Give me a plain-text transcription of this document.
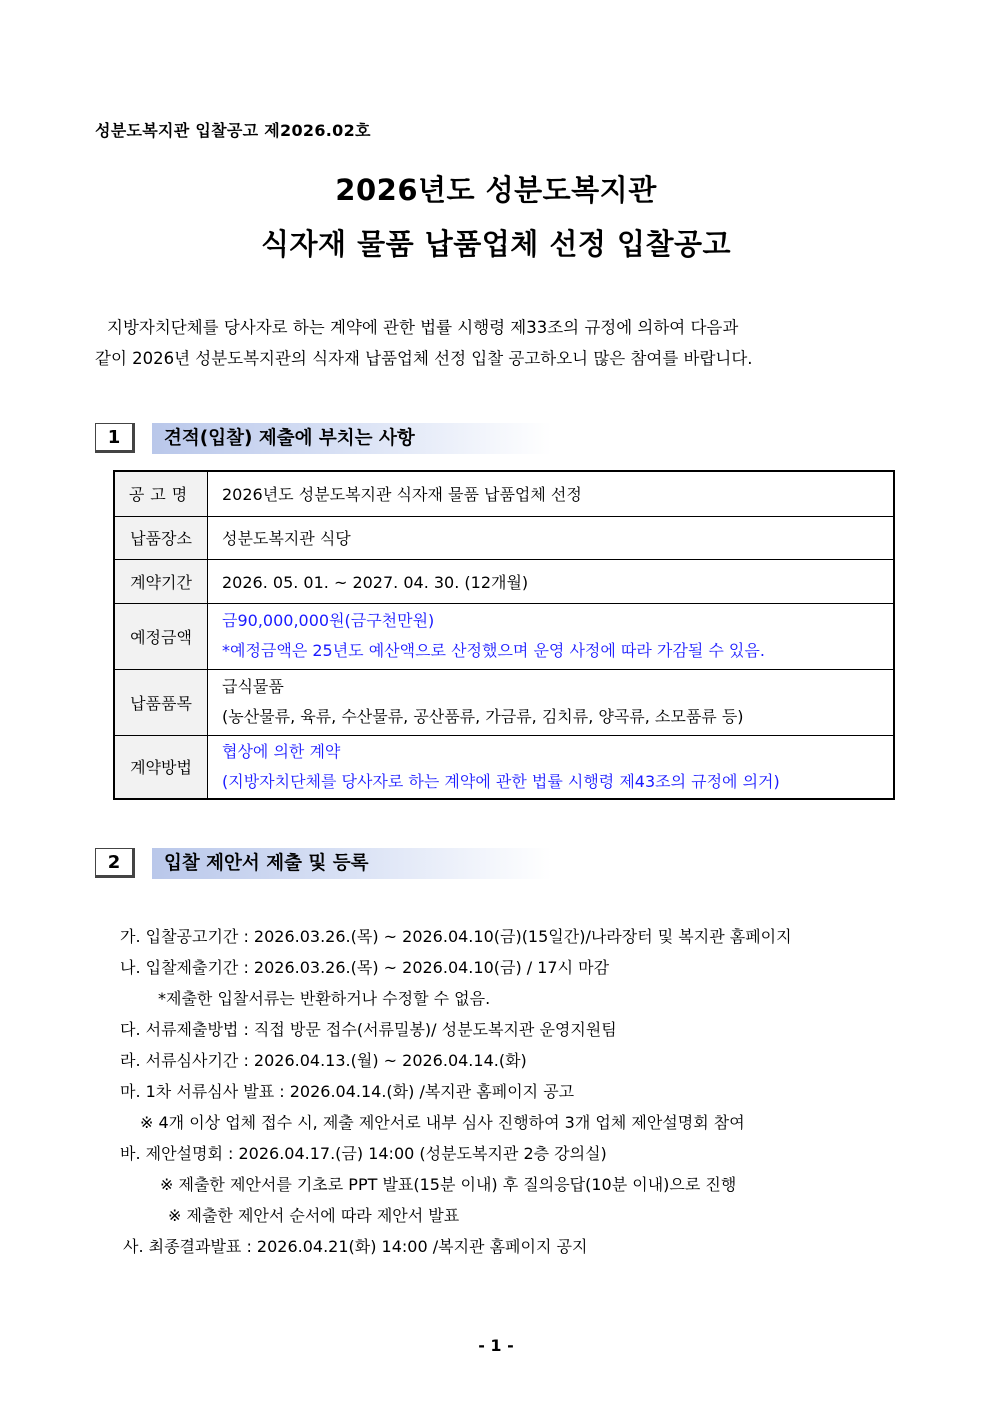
성분도복지관 입찰공고 제2026.02호
2026년도 성분도복지관
식자재 물품 납품업체 선정 입찰공고
지방자치단체를 당사자로 하는 계약에 관한 법률 시행령 제33조의 규정에 의하여 다음과
같이 2026년 성분도복지관의 식자재 납품업체 선정 입찰 공고하오니 많은 참여를 바랍니다.
1	견적(입찰) 제출에 부치는 사항
공고명	2026년도 성분도복지관 식자재 물품 납품업체 선정
납품장소	성분도복지관 식당
계약기간	2026. 05. 01. ~ 2027. 04. 30. (12개월)
예정금액	금90,000,000원(금구천만원)
*예정금액은 25년도 예산액으로 산정했으며 운영 사정에 따라 가감될 수 있음.

납품품목	급식물품
(농산물류, 육류, 수산물류, 공산품류, 가금류, 김치류, 양곡류, 소모품류 등)

계약방법	협상에 의한 계약
(지방자치단체를 당사자로 하는 계약에 관한 법률 시행령 제43조의 규정에 의거)
2	입찰 제안서 제출 및 등록
가. 입찰공고기간 : 2026.03.26.(목) ~ 2026.04.10(금)(15일간)/나라장터 및 복지관 홈페이지
나. 입찰제출기간 : 2026.03.26.(목) ~ 2026.04.10(금) / 17시 마감
*제출한 입찰서류는 반환하거나 수정할 수 없음.
다. 서류제출방법 : 직접 방문 접수(서류밀봉)/ 성분도복지관 운영지원팀
라. 서류심사기간 : 2026.04.13.(월) ~ 2026.04.14.(화)
마. 1차 서류심사 발표 : 2026.04.14.(화) /복지관 홈페이지 공고
※ 4개 이상 업체 접수 시, 제출 제안서로 내부 심사 진행하여 3개 업체 제안설명회 참여
바. 제안설명회 : 2026.04.17.(금) 14:00 (성분도복지관 2층 강의실)
※ 제출한 제안서를 기초로 PPT 발표(15분 이내) 후 질의응답(10분 이내)으로 진행
※ 제출한 제안서 순서에 따라 제안서 발표
사. 최종결과발표 : 2026.04.21(화) 14:00 /복지관 홈페이지 공지
- 1 -
